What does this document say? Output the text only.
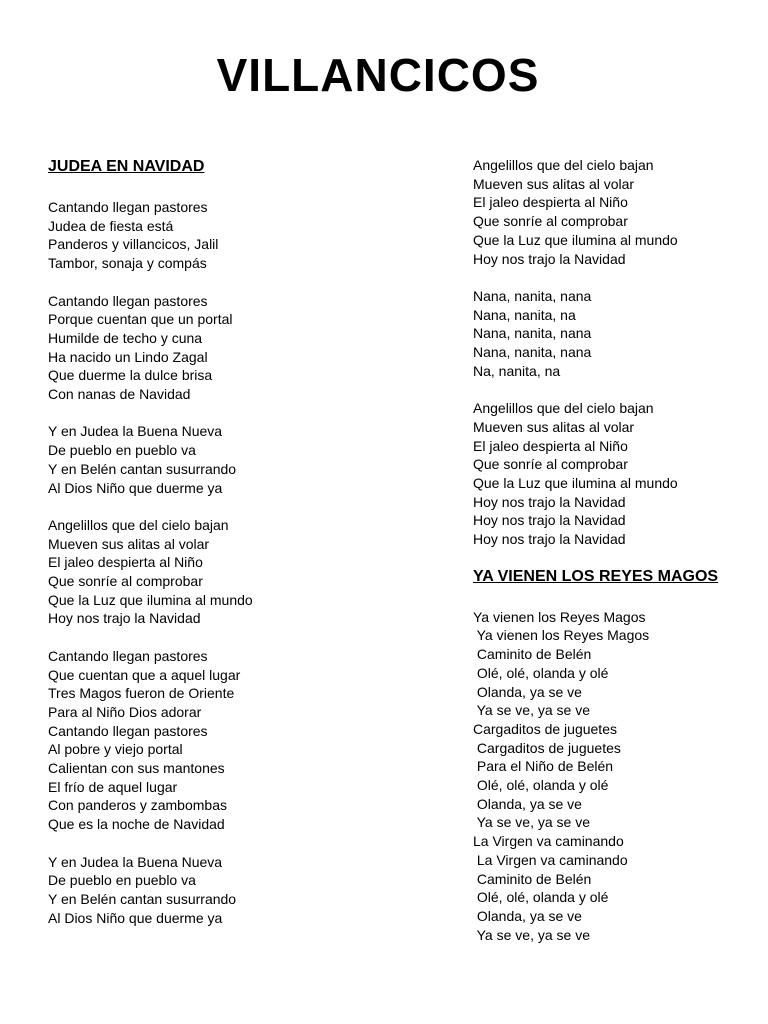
VILLANCICOS
JUDEA EN NAVIDAD
Cantando llegan pastores
Judea de fiesta está
Panderos y villancicos, Jalil
Tambor, sonaja y compás
Cantando llegan pastores
Porque cuentan que un portal
Humilde de techo y cuna
Ha nacido un Lindo Zagal
Que duerme la dulce brisa
Con nanas de Navidad
Y en Judea la Buena Nueva
De pueblo en pueblo va
Y en Belén cantan susurrando
Al Dios Niño que duerme ya
Angelillos que del cielo bajan
Mueven sus alitas al volar
El jaleo despierta al Niño
Que sonríe al comprobar
Que la Luz que ilumina al mundo
Hoy nos trajo la Navidad
Cantando llegan pastores
Que cuentan que a aquel lugar
Tres Magos fueron de Oriente
Para al Niño Dios adorar
Cantando llegan pastores
Al pobre y viejo portal
Calientan con sus mantones
El frío de aquel lugar
Con panderos y zambombas
Que es la noche de Navidad
Y en Judea la Buena Nueva
De pueblo en pueblo va
Y en Belén cantan susurrando
Al Dios Niño que duerme ya
Angelillos que del cielo bajan
Mueven sus alitas al volar
El jaleo despierta al Niño
Que sonríe al comprobar
Que la Luz que ilumina al mundo
Hoy nos trajo la Navidad
Nana, nanita, nana
Nana, nanita, na
Nana, nanita, nana
Nana, nanita, nana
Na, nanita, na
Angelillos que del cielo bajan
Mueven sus alitas al volar
El jaleo despierta al Niño
Que sonríe al comprobar
Que la Luz que ilumina al mundo
Hoy nos trajo la Navidad
Hoy nos trajo la Navidad
Hoy nos trajo la Navidad
YA VIENEN LOS REYES MAGOS
Ya vienen los Reyes Magos
Ya vienen los Reyes Magos
Caminito de Belén
Olé, olé, olanda y olé
Olanda, ya se ve
Ya se ve, ya se ve
Cargaditos de juguetes
Cargaditos de juguetes
Para el Niño de Belén
Olé, olé, olanda y olé
Olanda, ya se ve
Ya se ve, ya se ve
La Virgen va caminando
La Virgen va caminando
Caminito de Belén
Olé, olé, olanda y olé
Olanda, ya se ve
Ya se ve, ya se ve
